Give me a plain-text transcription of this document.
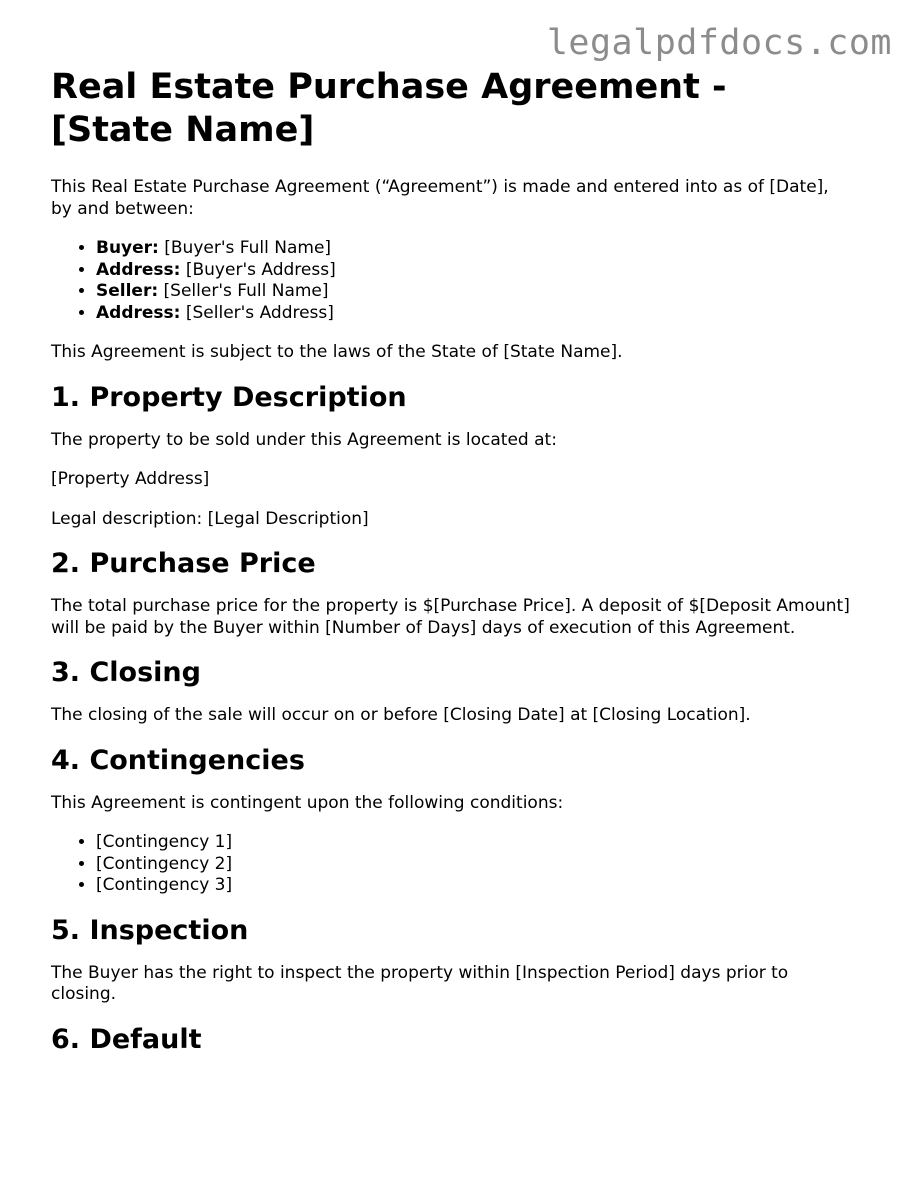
legalpdfdocs.com
Real Estate Purchase Agreement - [State Name]

This Real Estate Purchase Agreement (“Agreement”) is made and entered into as of [Date], by and between:

• Buyer: [Buyer's Full Name]
• Address: [Buyer's Address]
• Seller: [Seller's Full Name]
• Address: [Seller's Address]

This Agreement is subject to the laws of the State of [State Name].

1. Property Description

The property to be sold under this Agreement is located at:

[Property Address]

Legal description: [Legal Description]

2. Purchase Price

The total purchase price for the property is $[Purchase Price]. A deposit of $[Deposit Amount] will be paid by the Buyer within [Number of Days] days of execution of this Agreement.

3. Closing

The closing of the sale will occur on or before [Closing Date] at [Closing Location].

4. Contingencies

This Agreement is contingent upon the following conditions:

• [Contingency 1]
• [Contingency 2]
• [Contingency 3]
5. Inspection

The Buyer has the right to inspect the property within [Inspection Period] days prior to closing.

6. Default
